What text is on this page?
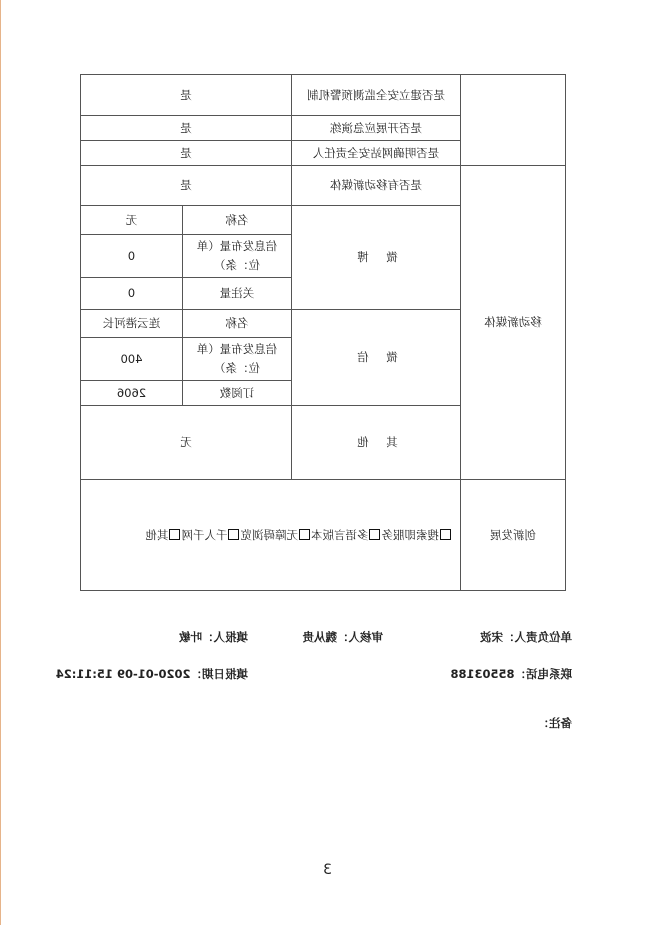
	是否建立安全监测预警机制	是	
	是否开展应急演练	是	
	是否明确网站安全责任人	是	
移动新媒体	是否有移动新媒体	是	
	微　博	名称	无
		信息发布量（单位：条）	0
		关注量	0
	微　信	名称	连云港河长
		信息发布量（单位：条）	400
		订阅数	2606
	其　他	无	
创新发展	搜索即服务多语言版本无障碍浏览千人千网其他		
单位负责人：宋波
审核人：魏从贵
填报人：叶敏
联系电话：85503188
填报日期：2020-01-09 15:11:24
备注：
3
